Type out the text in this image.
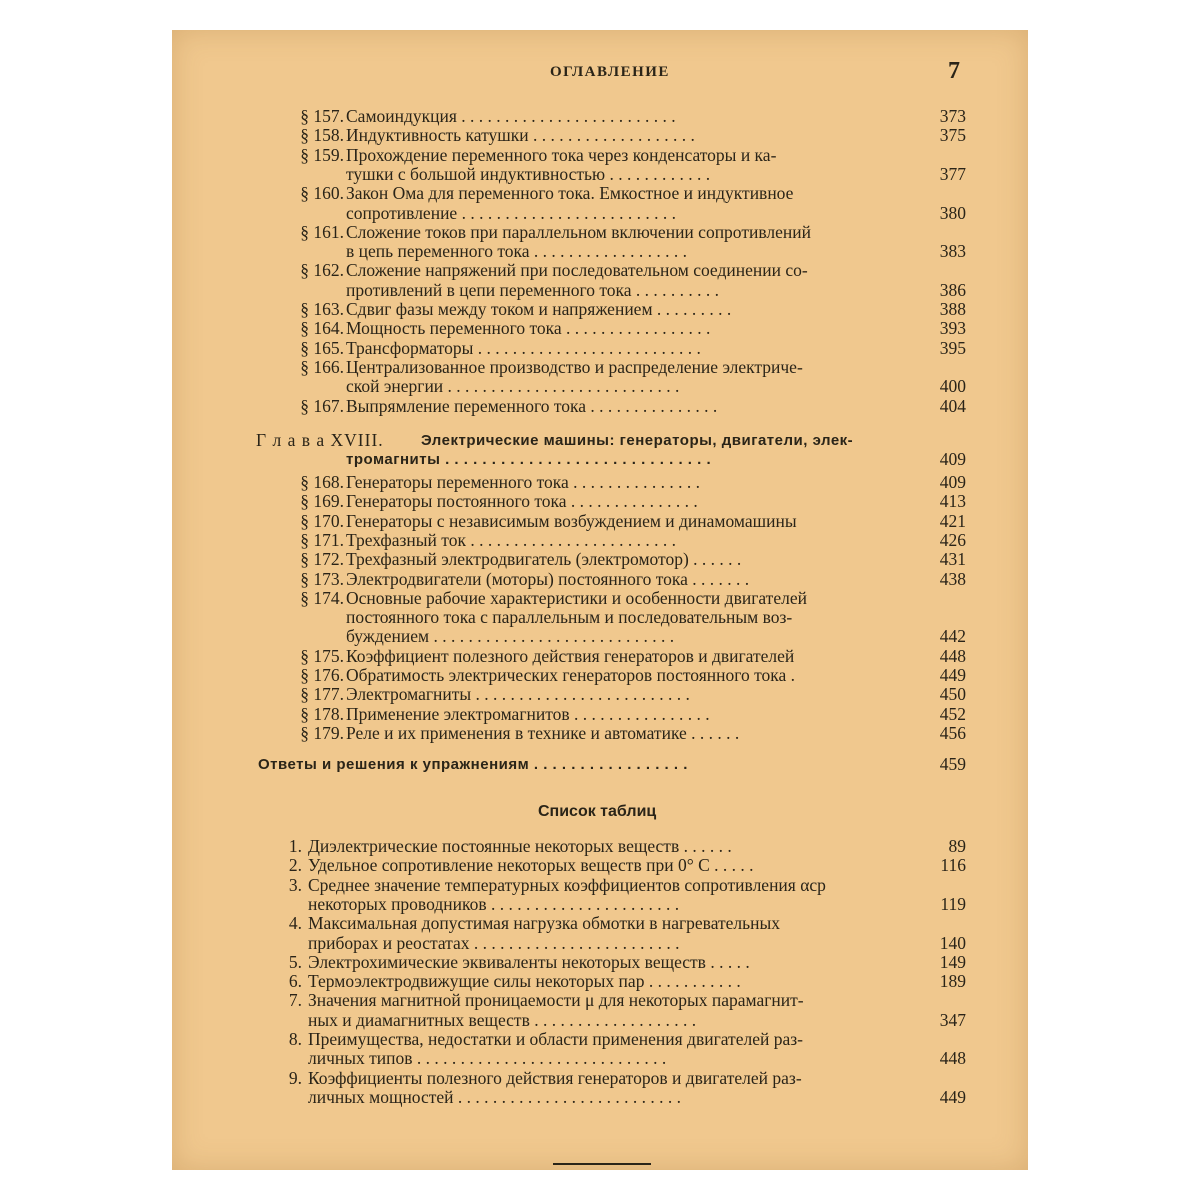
ОГЛАВЛЕНИЕ	7
§ 157. Самоиндукция . . . . . . . . . . . . . . . . . . . . . . . . .	373
§ 158. Индуктивность катушки . . . . . . . . . . . . . . . . . . .	375
§ 159. Прохождение переменного тока через конденсаторы и ка-
тушки с большой индуктивностью . . . . . . . . . . . .	377
§ 160. Закон Ома для переменного тока. Емкостное и индуктивное
сопротивление . . . . . . . . . . . . . . . . . . . . . . . . .	380
§ 161. Сложение токов при параллельном включении сопротивлений
в цепь переменного тока . . . . . . . . . . . . . . . . . .	383
§ 162. Сложение напряжений при последовательном соединении со-
противлений в цепи переменного тока . . . . . . . . . .	386
§ 163. Сдвиг фазы между током и напряжением . . . . . . . . .	388
§ 164. Мощность переменного тока . . . . . . . . . . . . . . . . .	393
§ 165. Трансформаторы . . . . . . . . . . . . . . . . . . . . . . . . . .	395
§ 166. Централизованное производство и распределение электриче-
ской энергии . . . . . . . . . . . . . . . . . . . . . . . . . . .	400
§ 167. Выпрямление переменного тока . . . . . . . . . . . . . . .	404
Г л а в а XVIII. Электрические машины: генераторы, двигатели, элек-
тромагниты . . . . . . . . . . . . . . . . . . . . . . . . . . . . .	409
§ 168. Генераторы переменного тока . . . . . . . . . . . . . . .	409
§ 169. Генераторы постоянного тока . . . . . . . . . . . . . . .	413
§ 170. Генераторы с независимым возбуждением и динамомашины	421
§ 171. Трехфазный ток . . . . . . . . . . . . . . . . . . . . . . . .	426
§ 172. Трехфазный электродвигатель (электромотор) . . . . . .	431
§ 173. Электродвигатели (моторы) постоянного тока . . . . . . .	438
§ 174. Основные рабочие характеристики и особенности двигателей
постоянного тока с параллельным и последовательным воз-
буждением . . . . . . . . . . . . . . . . . . . . . . . . . . . .	442
§ 175. Коэффициент полезного действия генераторов и двигателей	448
§ 176. Обратимость электрических генераторов постоянного тока .	449
§ 177. Электромагниты . . . . . . . . . . . . . . . . . . . . . . . . .	450
§ 178. Применение электромагнитов . . . . . . . . . . . . . . . .	452
§ 179. Реле и их применения в технике и автоматике . . . . . .	456
Ответы и решения к упражнениям . . . . . . . . . . . . . . . . .	459
Список таблиц
1. Диэлектрические постоянные некоторых веществ . . . . . .	89
2. Удельное сопротивление некоторых веществ при 0° С . . . . .	116
3. Среднее значение температурных коэффициентов сопротивления αср
некоторых проводников . . . . . . . . . . . . . . . . . . . . . .	119
4. Максимальная допустимая нагрузка обмотки в нагревательных
приборах и реостатах . . . . . . . . . . . . . . . . . . . . . . . .	140
5. Электрохимические эквиваленты некоторых веществ . . . . .	149
6. Термоэлектродвижущие силы некоторых пар . . . . . . . . . . .	189
7. Значения магнитной проницаемости μ для некоторых парамагнит-
ных и диамагнитных веществ . . . . . . . . . . . . . . . . . . .	347
8. Преимущества, недостатки и области применения двигателей раз-
личных типов . . . . . . . . . . . . . . . . . . . . . . . . . . . . .	448
9. Коэффициенты полезного действия генераторов и двигателей раз-
личных мощностей . . . . . . . . . . . . . . . . . . . . . . . . . .	449
